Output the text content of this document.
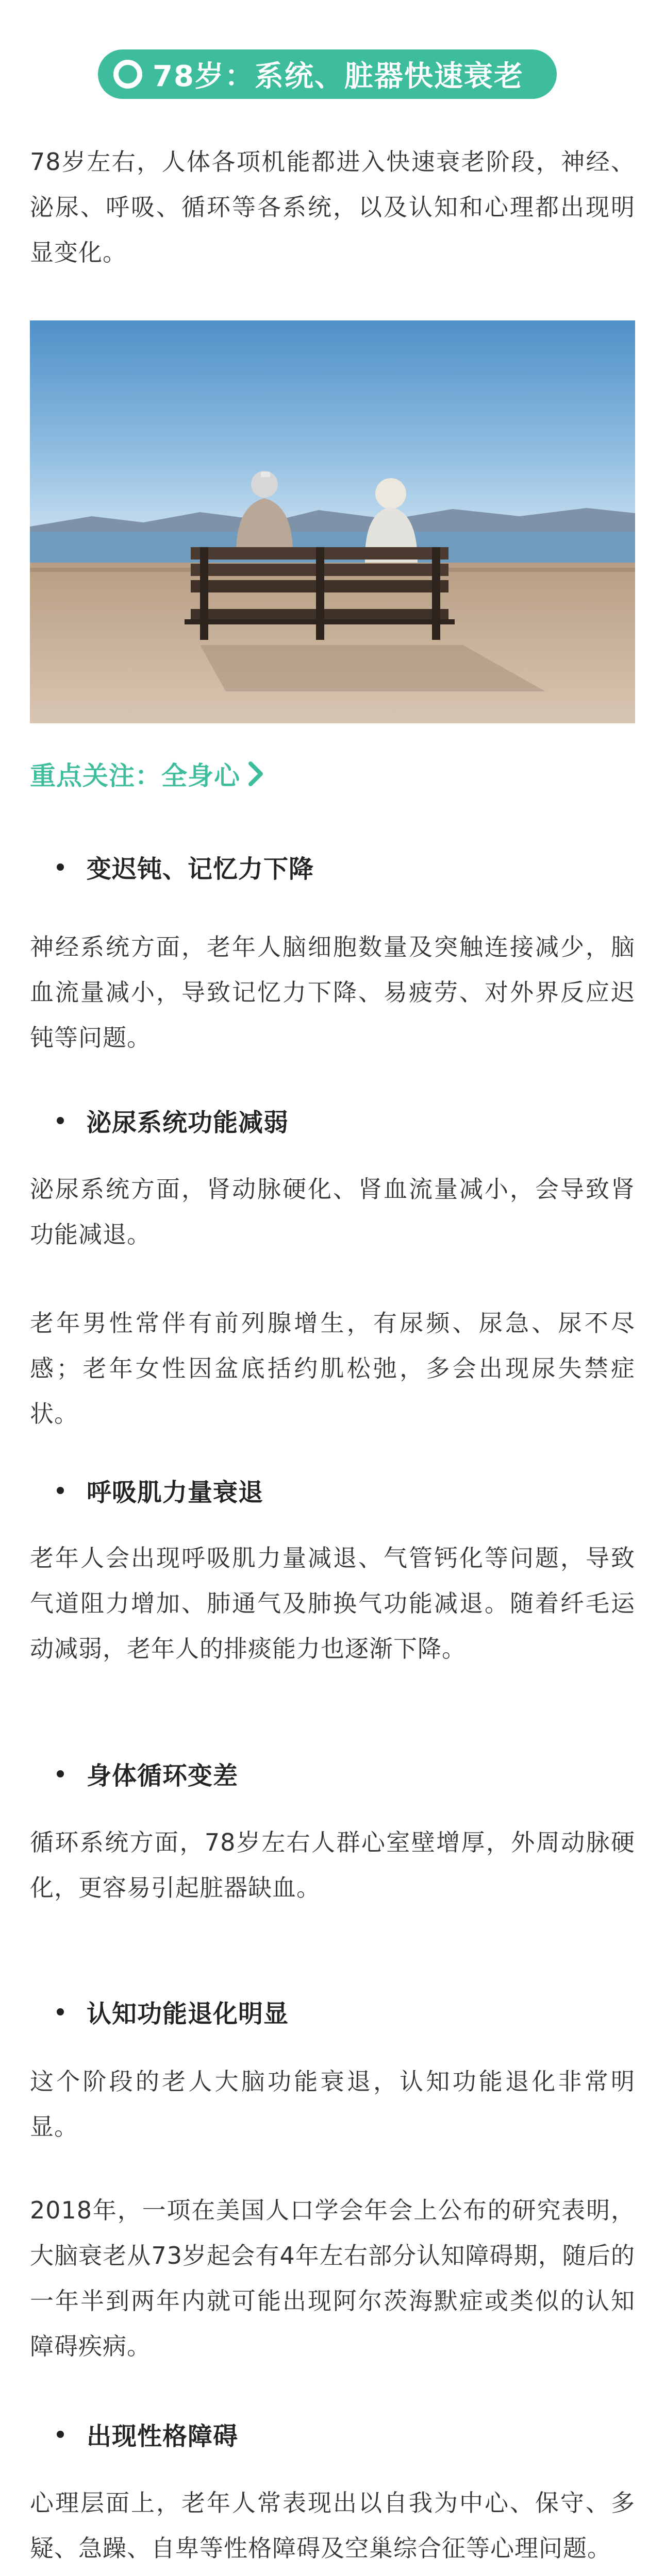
78岁：系统、脏器快速衰老

78岁左右，人体各项机能都进入快速衰老阶段，神经、泌尿、呼吸、循环等各系统，以及认知和心理都出现明显变化。

重点关注：全身心
变迟钝、记忆力下降

神经系统方面，老年人脑细胞数量及突触连接减少，脑血流量减小，导致记忆力下降、易疲劳、对外界反应迟钝等问题。

泌尿系统功能减弱

泌尿系统方面，肾动脉硬化、肾血流量减小，会导致肾功能减退。

老年男性常伴有前列腺增生，有尿频、尿急、尿不尽感；老年女性因盆底括约肌松弛，多会出现尿失禁症状。

呼吸肌力量衰退

老年人会出现呼吸肌力量减退、气管钙化等问题，导致气道阻力增加、肺通气及肺换气功能减退。随着纤毛运动减弱，老年人的排痰能力也逐渐下降。

身体循环变差

循环系统方面，78岁左右人群心室壁增厚，外周动脉硬化，更容易引起脏器缺血。

认知功能退化明显

这个阶段的老人大脑功能衰退，认知功能退化非常明显。

2018年，一项在美国人口学会年会上公布的研究表明，大脑衰老从73岁起会有4年左右部分认知障碍期，随后的一年半到两年内就可能出现阿尔茨海默症或类似的认知障碍疾病。

出现性格障碍

心理层面上，老年人常表现出以自我为中心、保守、多疑、急躁、自卑等性格障碍及空巢综合征等心理问题。
